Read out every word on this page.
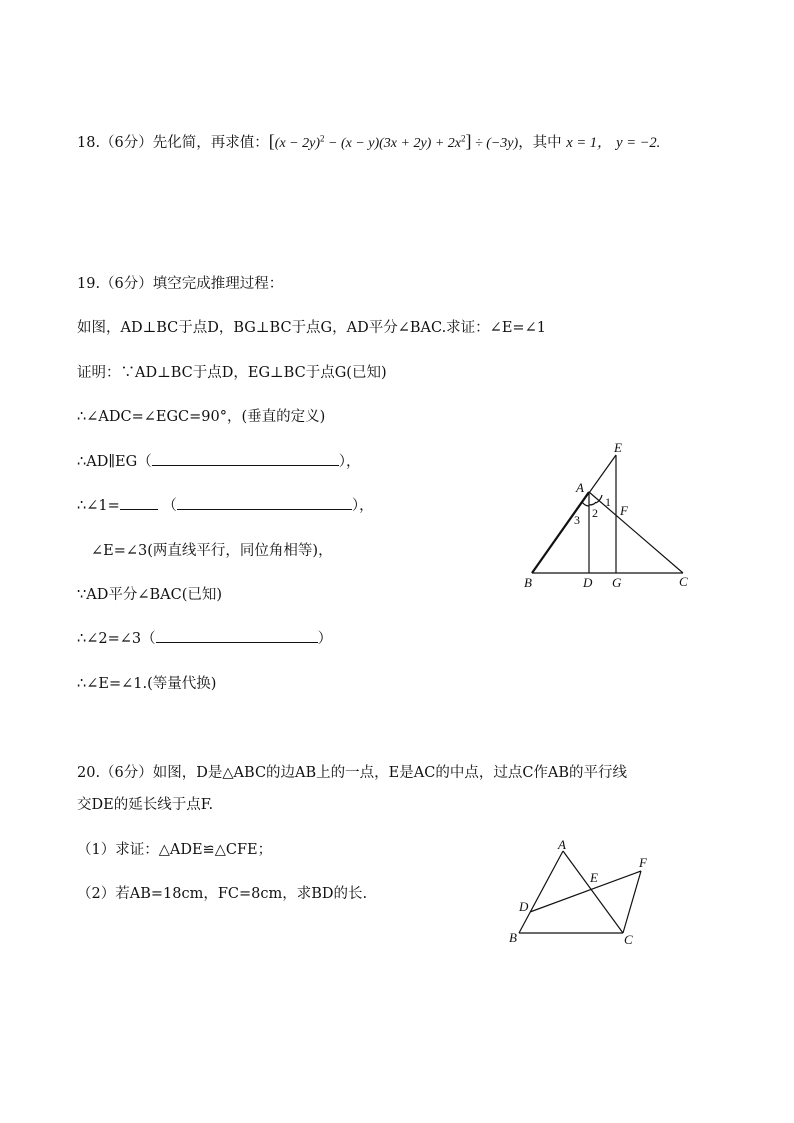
18.（6分）先化简，再求值：$[(x - 2y)^2 - (x - y)(3x + 2y) + 2x^2] \div (-3y)$，其中 x = 1， y = −2.
19.（6分）填空完成推理过程：
如图，AD⊥BC于点D，BG⊥BC于点G，AD平分∠BAC.求证：∠E=∠1
证明：∵AD⊥BC于点D，EG⊥BC于点G(已知)
∴∠ADC=∠EGC=90°，(垂直的定义)
∴AD∥EG（	），
∴∠1=	（	），
∠E=∠3(两直线平行，同位角相等)，
∵AD平分∠BAC(已知)
∴∠2=∠3（	）
∴∠E=∠1.(等量代换)
E
A
F
B	D G	C
1
2
3
20.（6分）如图，D是△ABC的边AB上的一点，E是AC的中点，过点C作AB的平行线
交DE的延长线于点F.
（1）求证：△ADE≌△CFE；
（2）若AB=18cm，FC=8cm，求BD的长.
A
F
E
D
B	C
